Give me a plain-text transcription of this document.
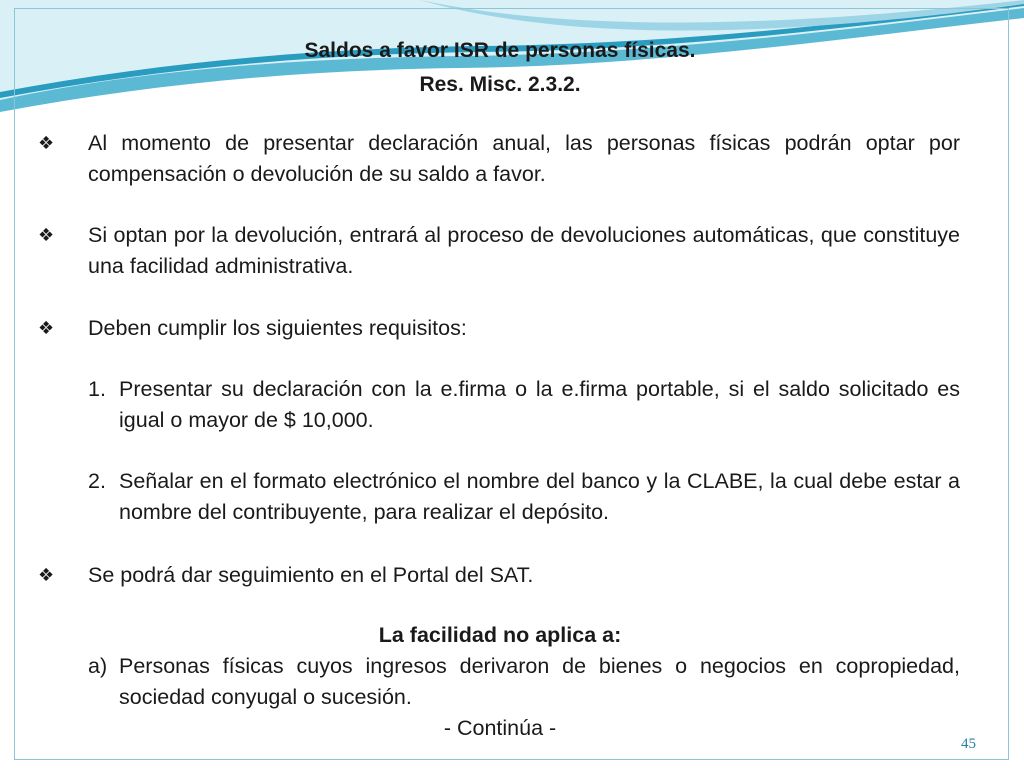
Saldos a favor ISR de personas físicas.
Res. Misc. 2.3.2.
❖	Al momento de presentar declaración anual, las personas físicas podrán optar por compensación o devolución de su saldo a favor.
❖	Si optan por la devolución, entrará al proceso de devoluciones automáticas, que constituye una facilidad administrativa.
❖	Deben cumplir los siguientes requisitos:
1. Presentar su declaración con la e.firma o la e.firma portable, si el saldo solicitado es igual o mayor de $ 10,000.
2. Señalar en el formato electrónico el nombre del banco y la CLABE, la cual debe estar a nombre del contribuyente, para realizar el depósito.
❖	Se podrá dar seguimiento en el Portal del SAT.
La facilidad no aplica a:
a) Personas físicas cuyos ingresos derivaron de bienes o negocios en copropiedad, sociedad conyugal o sucesión.
- Continúa -
45
